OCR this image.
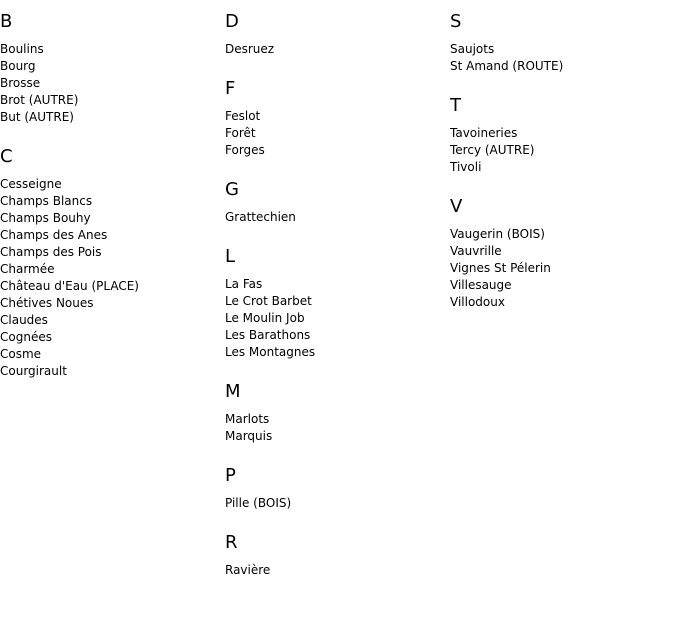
B
Boulins
Bourg
Brosse
Brot (AUTRE)
But (AUTRE)
C
Cesseigne
Champs Blancs
Champs Bouhy
Champs des Anes
Champs des Pois
Charmée
Château d'Eau (PLACE)
Chétives Noues
Claudes
Cognées
Cosme
Courgirault
D
Desruez
F
Feslot
Forêt
Forges
G
Grattechien
L
La Fas
Le Crot Barbet
Le Moulin Job
Les Barathons
Les Montagnes
M
Marlots
Marquis
P
Pille (BOIS)
R
Ravière
S
Saujots
St Amand (ROUTE)
T
Tavoineries
Tercy (AUTRE)
Tivoli
V
Vaugerin (BOIS)
Vauvrille
Vignes St Pélerin
Villesauge
Villodoux
